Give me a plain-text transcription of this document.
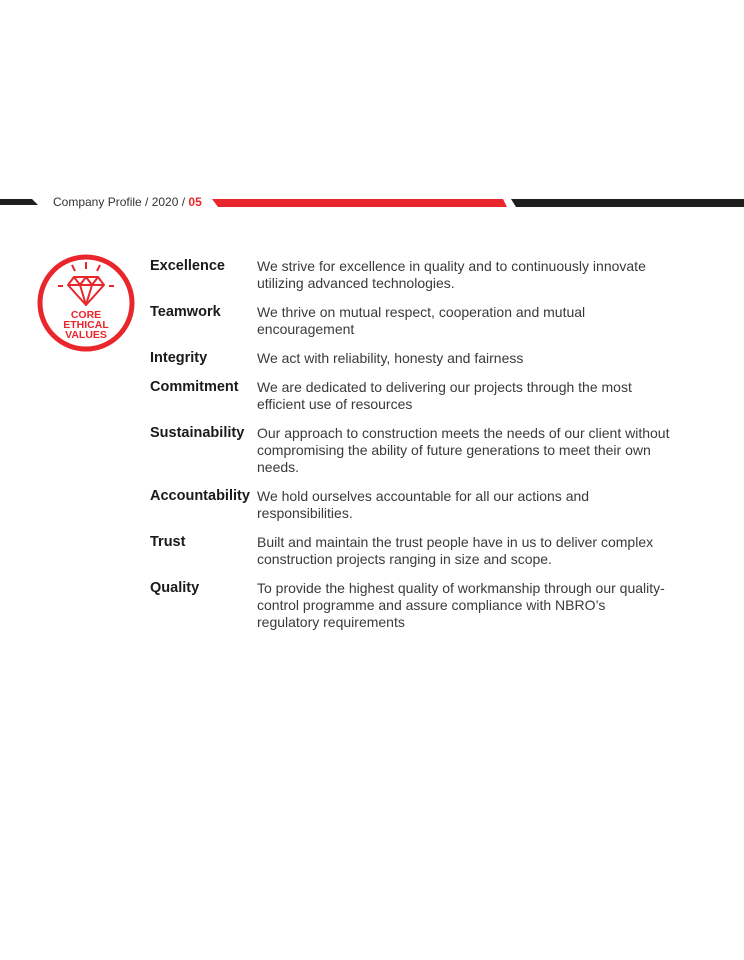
Company Profile / 2020 / 05
CORE
ETHICAL
VALUES
Excellence	We strive for excellence in quality and to continuously innovate utilizing advanced technologies.
Teamwork	We thrive on mutual respect, cooperation and mutual encouragement
Integrity	We act with reliability, honesty and fairness
Commitment	We are dedicated to delivering our projects through the most efficient use of resources
Sustainability Our approach to construction meets the needs of our client without compromising the ability of future generations to meet their own needs.
Accountability We hold ourselves accountable for all our actions and responsibilities.
Trust	Built and maintain the trust people have in us to deliver complex construction projects ranging in size and scope.
Quality	To provide the highest quality of workmanship through our quality-control programme and assure compliance with NBRO’s regulatory requirements
